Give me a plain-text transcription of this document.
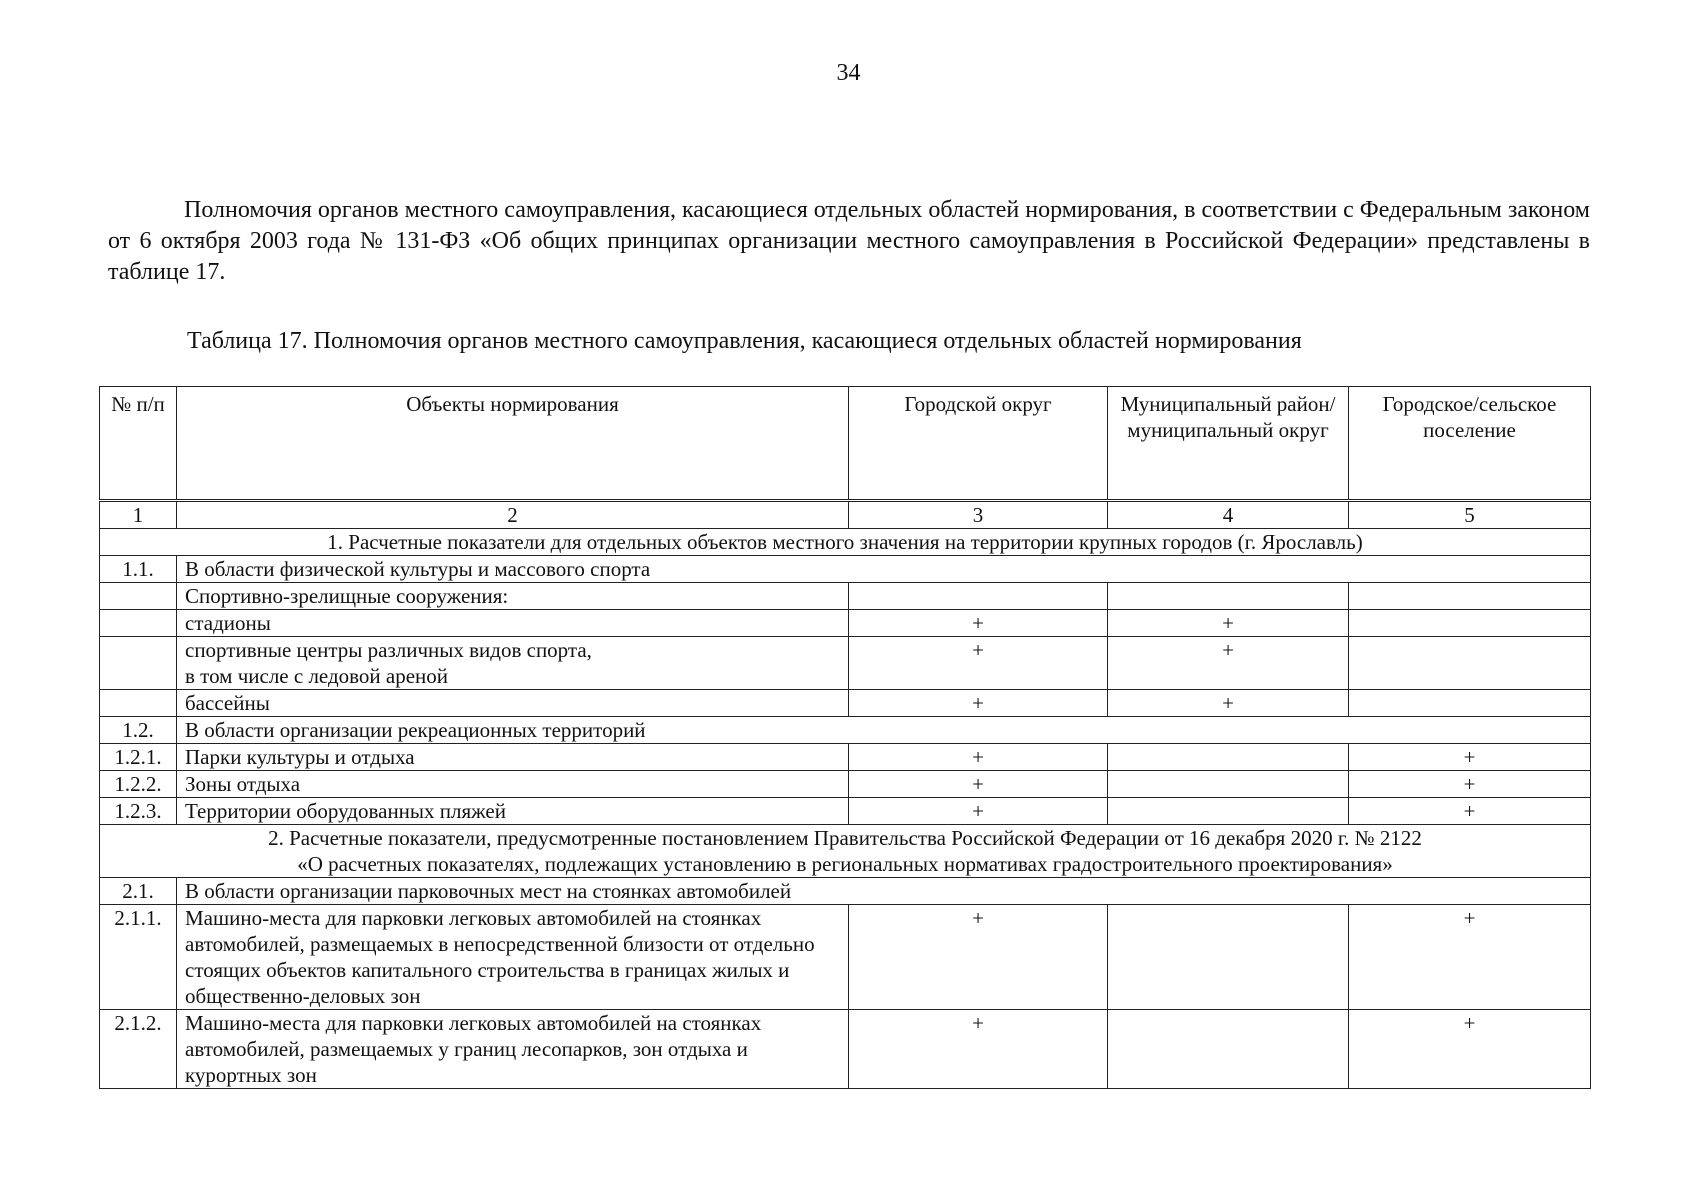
34

Полномочия органов местного самоуправления, касающиеся отдельных областей нормирования, в соответствии с Федеральным законом от 6 октября 2003 года № 131-ФЗ «Об общих принципах организации местного самоуправления в Российской Федерации» представлены в таблице 17.

Таблица 17. Полномочия органов местного самоуправления, касающиеся отдельных областей нормирования

№ п/п	Объекты нормирования	Городской округ	Муниципальный район/ муниципальный округ	Городское/сельское поселение
1	2	3	4	5
1. Расчетные показатели для отдельных объектов местного значения на территории крупных городов (г. Ярославль)				
1.1.	В области физической культуры и массового спорта			
	Спортивно-зрелищные сооружения:			
	стадионы	+	+	
	спортивные центры различных видов спорта,
в том числе с ледовой ареной	+	+	
	бассейны	+	+	
1.2.	В области организации рекреационных территорий			
1.2.1.	Парки культуры и отдыха	+		+
1.2.2.	Зоны отдыха	+		+
1.2.3.	Территории оборудованных пляжей	+		+
2. Расчетные показатели, предусмотренные постановлением Правительства Российской Федерации от 16 декабря 2020 г. № 2122
«О расчетных показателях, подлежащих установлению в региональных нормативах градостроительного проектирования»				
2.1.	В области организации парковочных мест на стоянках автомобилей			
2.1.1.	Машино-места для парковки легковых автомобилей на стоянках автомобилей, размещаемых в непосредственной близости от отдельно стоящих объектов капитального строительства в границах жилых и общественно-деловых зон	+		+
2.1.2.	Машино-места для парковки легковых автомобилей на стоянках автомобилей, размещаемых у границ лесопарков, зон отдыха и курортных зон	+		+
